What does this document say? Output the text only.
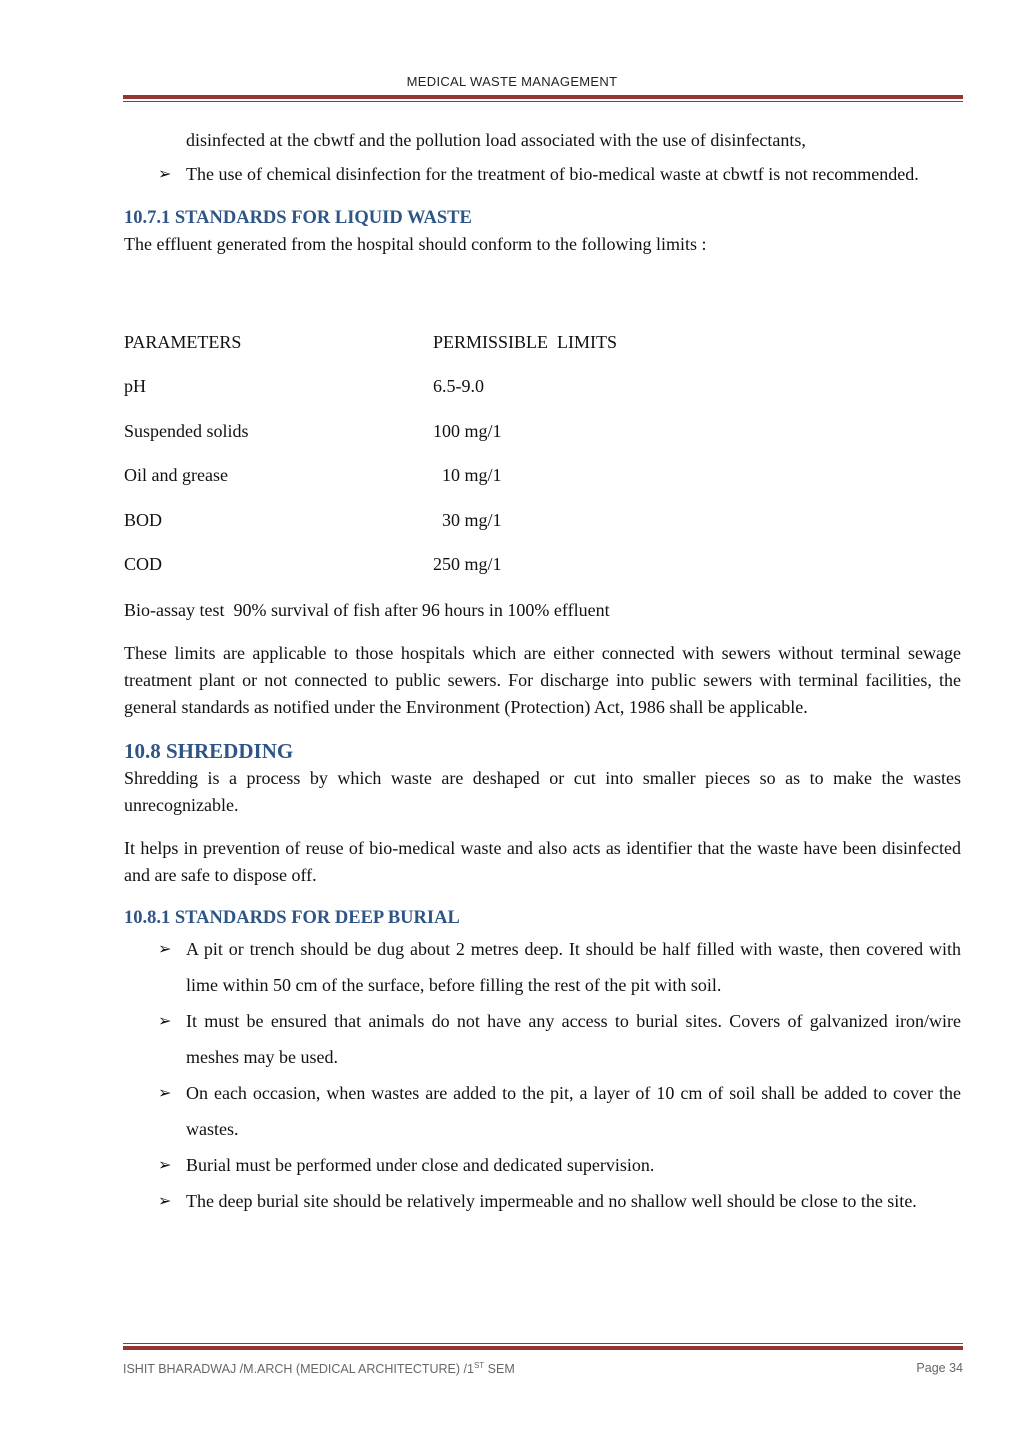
MEDICAL WASTE MANAGEMENT

disinfected at the cbwtf and the pollution load associated with the use of disinfectants,

➢ The use of chemical disinfection for the treatment of bio-medical waste at cbwtf is not recommended.
10.7.1 STANDARDS FOR LIQUID WASTE

The effluent generated from the hospital should conform to the following limits :

PARAMETERS	PERMISSIBLE  LIMITS
pH	6.5-9.0
Suspended solids	100 mg/1
Oil and grease	10 mg/1
BOD	30 mg/1
COD	250 mg/1

Bio-assay test  90% survival of fish after 96 hours in 100% effluent

These limits are applicable to those hospitals which are either connected with sewers without terminal sewage treatment plant or not connected to public sewers. For discharge into public sewers with terminal facilities, the general standards as notified under the Environment (Protection) Act, 1986 shall be applicable.

10.8 SHREDDING

Shredding is a process by which waste are deshaped or cut into smaller pieces so as to make the wastes unrecognizable.

It helps in prevention of reuse of bio-medical waste and also acts as identifier that the waste have been disinfected and are safe to dispose off.

10.8.1 STANDARDS FOR DEEP BURIAL
➢ A pit or trench should be dug about 2 metres deep. It should be half filled with waste, then covered with lime within 50 cm of the surface, before filling the rest of the pit with soil.
➢ It must be ensured that animals do not have any access to burial sites. Covers of galvanized iron/wire meshes may be used.
➢ On each occasion, when wastes are added to the pit, a layer of 10 cm of soil shall be added to cover the wastes.
➢ Burial must be performed under close and dedicated supervision.
➢ The deep burial site should be relatively impermeable and no shallow well should be close to the site.
ISHIT BHARADWAJ /M.ARCH (MEDICAL ARCHITECTURE) /1ST SEM	Page 34
